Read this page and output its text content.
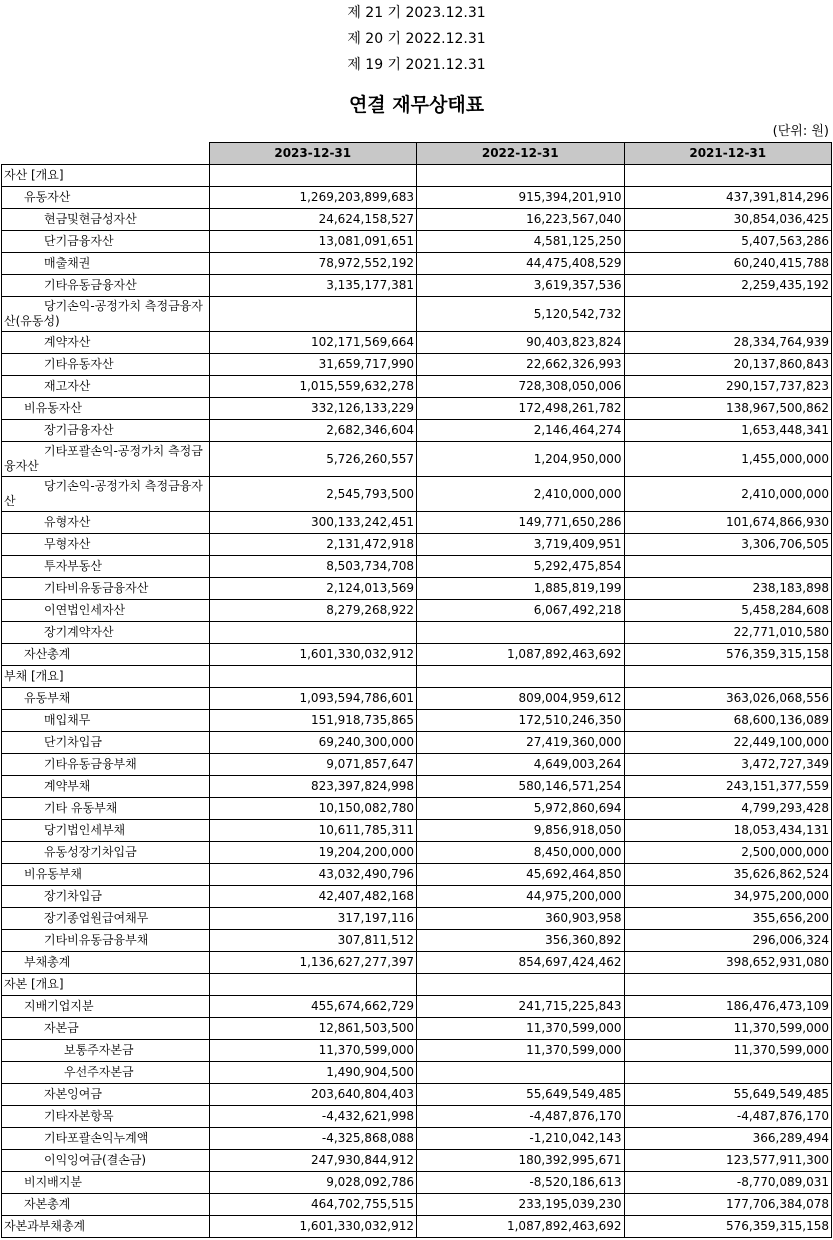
제 21 기 2023.12.31
제 20 기 2022.12.31
제 19 기 2021.12.31
연결 재무상태표
(단위: 원)
	2023-12-31	2022-12-31	2021-12-31
자산 [개요]			
유동자산	1,269,203,899,683	915,394,201,910	437,391,814,296
현금및현금성자산	24,624,158,527	16,223,567,040	30,854,036,425
단기금융자산	13,081,091,651	4,581,125,250	5,407,563,286
매출채권	78,972,552,192	44,475,408,529	60,240,415,788
기타유동금융자산	3,135,177,381	3,619,357,536	2,259,435,192
당기손익-공정가치 측정금융자산(유동성)		5,120,542,732	
계약자산	102,171,569,664	90,403,823,824	28,334,764,939
기타유동자산	31,659,717,990	22,662,326,993	20,137,860,843
재고자산	1,015,559,632,278	728,308,050,006	290,157,737,823
비유동자산	332,126,133,229	172,498,261,782	138,967,500,862
장기금융자산	2,682,346,604	2,146,464,274	1,653,448,341
기타포괄손익-공정가치 측정금융자산	5,726,260,557	1,204,950,000	1,455,000,000
당기손익-공정가치 측정금융자산	2,545,793,500	2,410,000,000	2,410,000,000
유형자산	300,133,242,451	149,771,650,286	101,674,866,930
무형자산	2,131,472,918	3,719,409,951	3,306,706,505
투자부동산	8,503,734,708	5,292,475,854	
기타비유동금융자산	2,124,013,569	1,885,819,199	238,183,898
이연법인세자산	8,279,268,922	6,067,492,218	5,458,284,608
장기계약자산			22,771,010,580
자산총계	1,601,330,032,912	1,087,892,463,692	576,359,315,158
부채 [개요]			
유동부채	1,093,594,786,601	809,004,959,612	363,026,068,556
매입채무	151,918,735,865	172,510,246,350	68,600,136,089
단기차입금	69,240,300,000	27,419,360,000	22,449,100,000
기타유동금융부채	9,071,857,647	4,649,003,264	3,472,727,349
계약부채	823,397,824,998	580,146,571,254	243,151,377,559
기타 유동부채	10,150,082,780	5,972,860,694	4,799,293,428
당기법인세부채	10,611,785,311	9,856,918,050	18,053,434,131
유동성장기차입금	19,204,200,000	8,450,000,000	2,500,000,000
비유동부채	43,032,490,796	45,692,464,850	35,626,862,524
장기차입금	42,407,482,168	44,975,200,000	34,975,200,000
장기종업원급여채무	317,197,116	360,903,958	355,656,200
기타비유동금융부채	307,811,512	356,360,892	296,006,324
부채총계	1,136,627,277,397	854,697,424,462	398,652,931,080
자본 [개요]			
지배기업지분	455,674,662,729	241,715,225,843	186,476,473,109
자본금	12,861,503,500	11,370,599,000	11,370,599,000
보통주자본금	11,370,599,000	11,370,599,000	11,370,599,000
우선주자본금	1,490,904,500		
자본잉여금	203,640,804,403	55,649,549,485	55,649,549,485
기타자본항목	-4,432,621,998	-4,487,876,170	-4,487,876,170
기타포괄손익누계액	-4,325,868,088	-1,210,042,143	366,289,494
이익잉여금(결손금)	247,930,844,912	180,392,995,671	123,577,911,300
비지배지분	9,028,092,786	-8,520,186,613	-8,770,089,031
자본총계	464,702,755,515	233,195,039,230	177,706,384,078
자본과부채총계	1,601,330,032,912	1,087,892,463,692	576,359,315,158
